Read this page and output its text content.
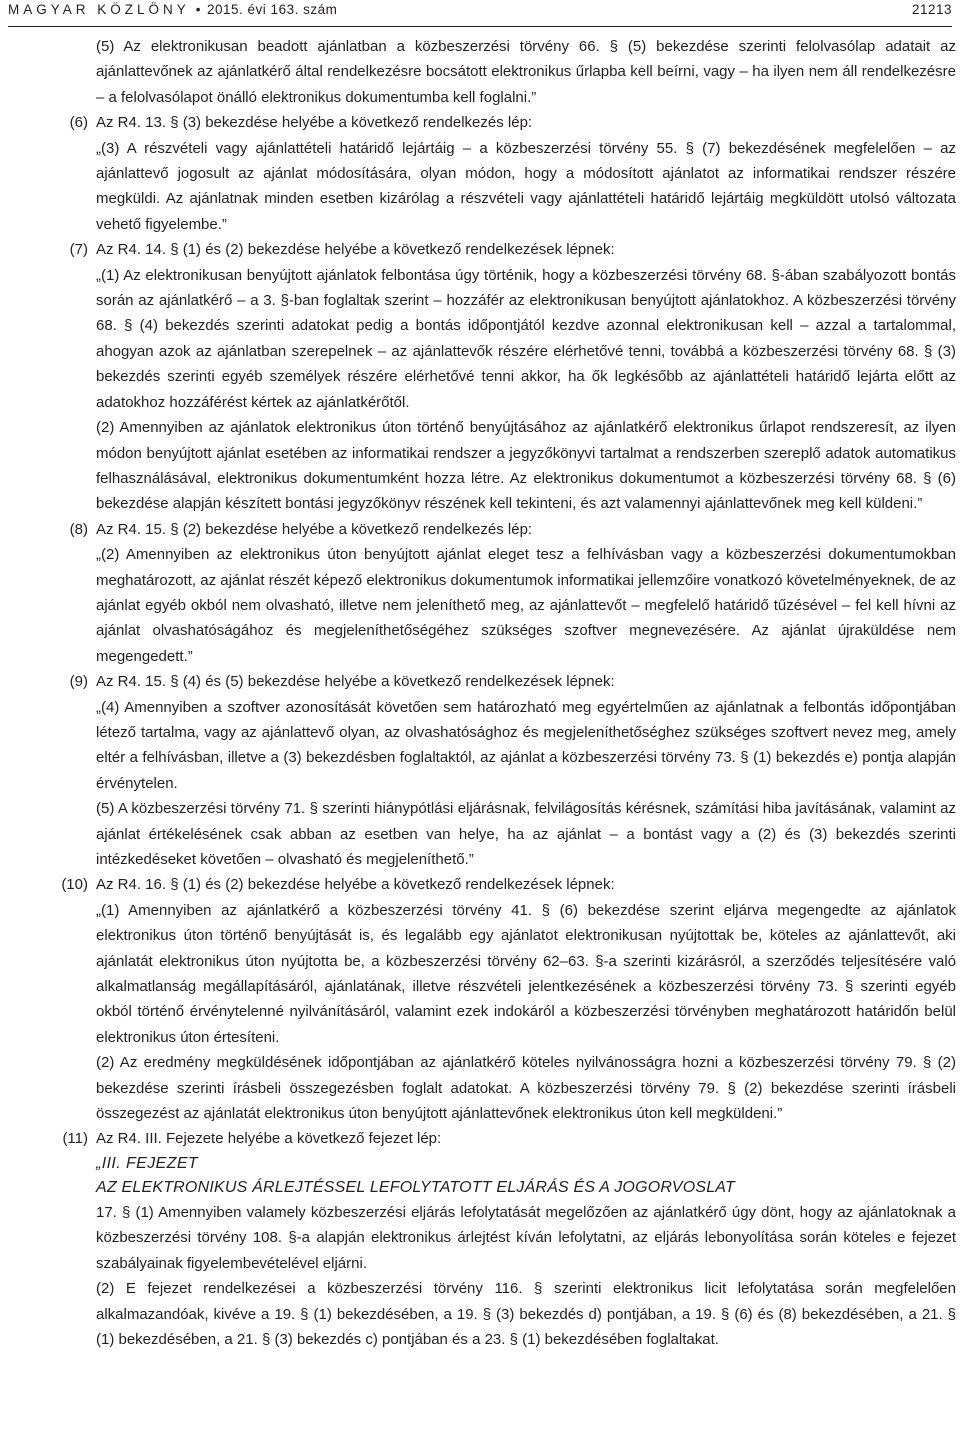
MAGYAR KÖZLÖNY • 2015. évi 163. szám	21213
(5) Az elektronikusan beadott ajánlatban a közbeszerzési törvény 66. § (5) bekezdése szerinti felolvasólap adatait az ajánlattevőnek az ajánlatkérő által rendelkezésre bocsátott elektronikus űrlapba kell beírni, vagy – ha ilyen nem áll rendelkezésre – a felolvasólapot önálló elektronikus dokumentumba kell foglalni.”
(6) Az R4. 13. § (3) bekezdése helyébe a következő rendelkezés lép:
„(3) A részvételi vagy ajánlattételi határidő lejártáig – a közbeszerzési törvény 55. § (7) bekezdésének megfelelően – az ajánlattevő jogosult az ajánlat módosítására, olyan módon, hogy a módosított ajánlatot az informatikai rendszer részére megküldi. Az ajánlatnak minden esetben kizárólag a részvételi vagy ajánlattételi határidő lejártáig megküldött utolsó változata vehető figyelembe.”
(7) Az R4. 14. § (1) és (2) bekezdése helyébe a következő rendelkezések lépnek:
„(1) Az elektronikusan benyújtott ajánlatok felbontása úgy történik, hogy a közbeszerzési törvény 68. §-ában szabályozott bontás során az ajánlatkérő – a 3. §-ban foglaltak szerint – hozzáfér az elektronikusan benyújtott ajánlatokhoz. A közbeszerzési törvény 68. § (4) bekezdés szerinti adatokat pedig a bontás időpontjától kezdve azonnal elektronikusan kell – azzal a tartalommal, ahogyan azok az ajánlatban szerepelnek – az ajánlattevők részére elérhetővé tenni, továbbá a közbeszerzési törvény 68. § (3) bekezdés szerinti egyéb személyek részére elérhetővé tenni akkor, ha ők legkésőbb az ajánlattételi határidő lejárta előtt az adatokhoz hozzáférést kértek az ajánlatkérőtől.
(2) Amennyiben az ajánlatok elektronikus úton történő benyújtásához az ajánlatkérő elektronikus űrlapot rendszeresít, az ilyen módon benyújtott ajánlat esetében az informatikai rendszer a jegyzőkönyvi tartalmat a rendszerben szereplő adatok automatikus felhasználásával, elektronikus dokumentumként hozza létre. Az elektronikus dokumentumot a közbeszerzési törvény 68. § (6) bekezdése alapján készített bontási jegyzőkönyv részének kell tekinteni, és azt valamennyi ajánlattevőnek meg kell küldeni.”
(8) Az R4. 15. § (2) bekezdése helyébe a következő rendelkezés lép:
„(2) Amennyiben az elektronikus úton benyújtott ajánlat eleget tesz a felhívásban vagy a közbeszerzési dokumentumokban meghatározott, az ajánlat részét képező elektronikus dokumentumok informatikai jellemzőire vonatkozó követelményeknek, de az ajánlat egyéb okból nem olvasható, illetve nem jeleníthető meg, az ajánlattevőt – megfelelő határidő tűzésével – fel kell hívni az ajánlat olvashatóságához és megjeleníthetőségéhez szükséges szoftver megnevezésére. Az ajánlat újraküldése nem megengedett.”
(9) Az R4. 15. § (4) és (5) bekezdése helyébe a következő rendelkezések lépnek:
„(4) Amennyiben a szoftver azonosítását követően sem határozható meg egyértelműen az ajánlatnak a felbontás időpontjában létező tartalma, vagy az ajánlattevő olyan, az olvashatósághoz és megjeleníthetőséghez szükséges szoftvert nevez meg, amely eltér a felhívásban, illetve a (3) bekezdésben foglaltaktól, az ajánlat a közbeszerzési törvény 73. § (1) bekezdés e) pontja alapján érvénytelen.
(5) A közbeszerzési törvény 71. § szerinti hiánypótlási eljárásnak, felvilágosítás kérésnek, számítási hiba javításának, valamint az ajánlat értékelésének csak abban az esetben van helye, ha az ajánlat – a bontást vagy a (2) és (3) bekezdés szerinti intézkedéseket követően – olvasható és megjeleníthető.”
(10) Az R4. 16. § (1) és (2) bekezdése helyébe a következő rendelkezések lépnek:
„(1) Amennyiben az ajánlatkérő a közbeszerzési törvény 41. § (6) bekezdése szerint eljárva megengedte az ajánlatok elektronikus úton történő benyújtását is, és legalább egy ajánlatot elektronikusan nyújtottak be, köteles az ajánlattevőt, aki ajánlatát elektronikus úton nyújtotta be, a közbeszerzési törvény 62–63. §-a szerinti kizárásról, a szerződés teljesítésére való alkalmatlanság megállapításáról, ajánlatának, illetve részvételi jelentkezésének a közbeszerzési törvény 73. § szerinti egyéb okból történő érvénytelenné nyilvánításáról, valamint ezek indokáról a közbeszerzési törvényben meghatározott határidőn belül elektronikus úton értesíteni.
(2) Az eredmény megküldésének időpontjában az ajánlatkérő köteles nyilvánosságra hozni a közbeszerzési törvény 79. § (2) bekezdése szerinti írásbeli összegezésben foglalt adatokat. A közbeszerzési törvény 79. § (2) bekezdése szerinti írásbeli összegezést az ajánlatát elektronikus úton benyújtott ajánlattevőnek elektronikus úton kell megküldeni.”
(11) Az R4. III. Fejezete helyébe a következő fejezet lép:
„III. FEJEZET
AZ ELEKTRONIKUS ÁRLEJTÉSSEL LEFOLYTATOTT ELJÁRÁS ÉS A JOGORVOSLAT
17. § (1) Amennyiben valamely közbeszerzési eljárás lefolytatását megelőzően az ajánlatkérő úgy dönt, hogy az ajánlatoknak a közbeszerzési törvény 108. §-a alapján elektronikus árlejtést kíván lefolytatni, az eljárás lebonyolítása során köteles e fejezet szabályainak figyelembevételével eljárni.
(2) E fejezet rendelkezései a közbeszerzési törvény 116. § szerinti elektronikus licit lefolytatása során megfelelően alkalmazandóak, kivéve a 19. § (1) bekezdésében, a 19. § (3) bekezdés d) pontjában, a 19. § (6) és (8) bekezdésében, a 21. § (1) bekezdésében, a 21. § (3) bekezdés c) pontjában és a 23. § (1) bekezdésében foglaltakat.
